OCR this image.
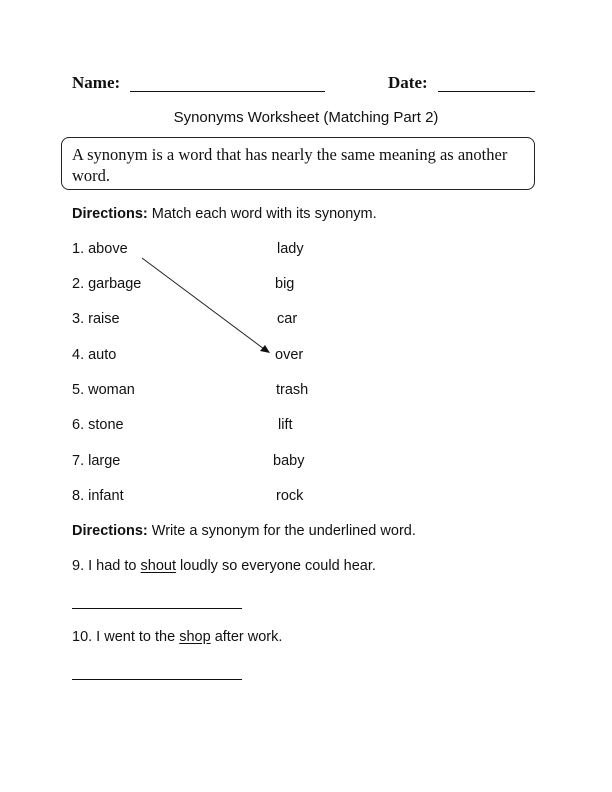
Name:	Date:
Synonyms Worksheet (Matching Part 2)
A synonym is a word that has nearly the same meaning as another word.
Directions: Match each word with its synonym.
1. above
2. garbage
3. raise
4. auto
5. woman
6. stone
7. large
8. infant
lady
big
car
over
trash
lift
baby
rock
Directions: Write a synonym for the underlined word.
9. I had to shout loudly so everyone could hear.
10. I went to the shop after work.
